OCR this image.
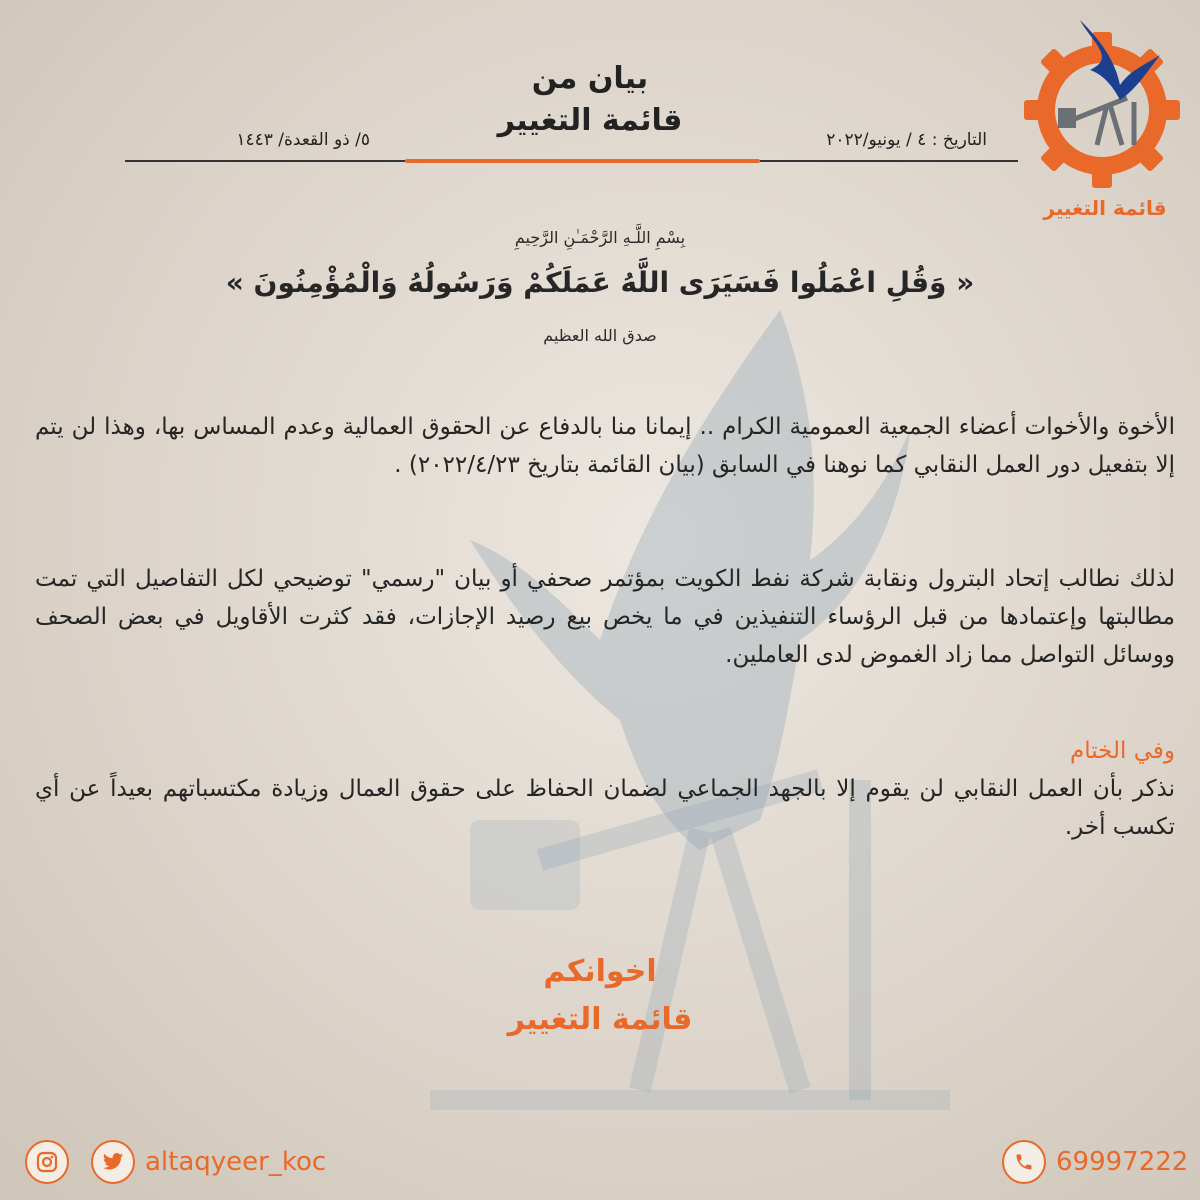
بيان من
قائمة التغيير
التاريخ : ٤ / يونيو/٢٠٢٢
٥/ ذو القعدة/ ١٤٤٣
قائمة التغيير
بِسْمِ اللَّـهِ الرَّحْمَـٰنِ الرَّحِيمِ
« وَقُلِ اعْمَلُوا فَسَيَرَى اللَّهُ عَمَلَكُمْ وَرَسُولُهُ وَالْمُؤْمِنُونَ »
صدق الله العظيم
الأخوة والأخوات أعضاء الجمعية العمومية الكرام .. إيمانا منا بالدفاع عن الحقوق العمالية وعدم المساس بها، وهذا لن يتم إلا بتفعيل دور العمل النقابي كما نوهنا في السابق (بيان القائمة بتاريخ ٢٠٢٢/٤/٢٣) .
لذلك نطالب إتحاد البترول ونقابة شركة نفط الكويت بمؤتمر صحفي أو بيان "رسمي" توضيحي لكل التفاصيل التي تمت مطالبتها وإعتمادها من قبل الرؤساء التنفيذين في ما يخص بيع رصيد الإجازات، فقد كثرت الأقاويل في بعض الصحف ووسائل التواصل مما زاد الغموض لدى العاملين.
وفي الختام
نذكر بأن العمل النقابي لن يقوم إلا بالجهد الجماعي لضمان الحفاظ على حقوق العمال وزيادة مكتسباتهم بعيداً عن أي تكسب أخر.
اخوانكم
قائمة التغيير
altaqyeer_koc	69997222
